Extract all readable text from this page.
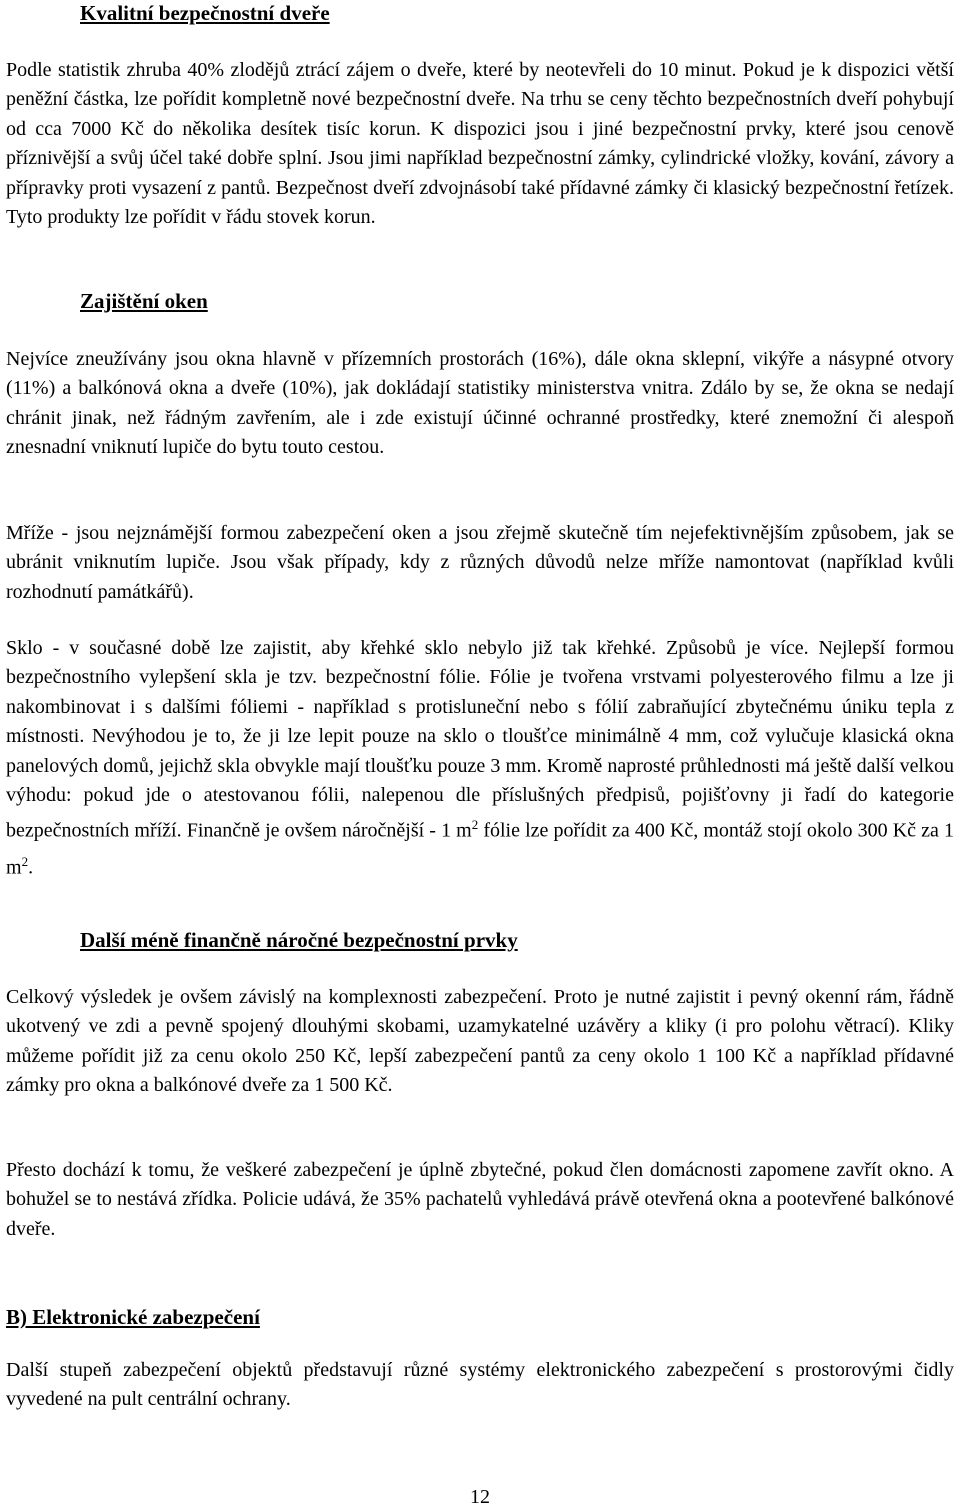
Kvalitní bezpečnostní dveře

Podle statistik zhruba 40% zlodějů ztrácí zájem o dveře, které by neotevřeli do 10 minut. Pokud je k dispozici větší peněžní částka, lze pořídit kompletně nové bezpečnostní dveře. Na trhu se ceny těchto bezpečnostních dveří pohybují od cca 7000 Kč do několika desítek tisíc korun. K dispozici jsou i jiné bezpečnostní prvky, které jsou cenově příznivější a svůj účel také dobře splní. Jsou jimi například bezpečnostní zámky, cylindrické vložky, kování, závory a přípravky proti vysazení z pantů. Bezpečnost dveří zdvojnásobí také přídavné zámky či klasický bezpečnostní řetízek. Tyto produkty lze pořídit v řádu stovek korun.

Zajištění oken

Nejvíce zneužívány jsou okna hlavně v přízemních prostorách (16%), dále okna sklepní, vikýře a násypné otvory (11%) a balkónová okna a dveře (10%), jak dokládají statistiky ministerstva vnitra. Zdálo by se, že okna se nedají chránit jinak, než řádným zavřením, ale i zde existují účinné ochranné prostředky, které znemožní či alespoň znesnadní vniknutí lupiče do bytu touto cestou.

Mříže - jsou nejznámější formou zabezpečení oken a jsou zřejmě skutečně tím nejefektivnějším způsobem, jak se ubránit vniknutím lupiče. Jsou však případy, kdy z různých důvodů nelze mříže namontovat (například kvůli rozhodnutí památkářů).

Sklo - v současné době lze zajistit, aby křehké sklo nebylo již tak křehké. Způsobů je více. Nejlepší formou bezpečnostního vylepšení skla je tzv. bezpečnostní fólie. Fólie je tvořena vrstvami polyesterového filmu a lze ji nakombinovat i s dalšími fóliemi - například s protislunеční nebo s fólií zabraňující zbytečnému úniku tepla z místnosti. Nevýhodou je to, že ji lze lepit pouze na sklo o tloušťce minimálně 4 mm, což vylučuje klasická okna panelových domů, jejichž skla obvykle mají tloušťku pouze 3 mm. Kromě naprosté průhlednosti má ještě další velkou výhodu: pokud jde o atestovanou fólii, nalepenou dle příslušných předpisů, pojišťovny ji řadí do kategorie bezpečnostních mříží. Finančně je ovšem náročnější - 1 $m^2$ fólie lze pořídit za 400 Kč, montáž stojí okolo 300 Kč za 1 $m^2$.

Další méně finančně náročné bezpečnostní prvky

Celkový výsledek je ovšem závislý na komplexnosti zabezpečení. Proto je nutné zajistit i pevný okenní rám, řádně ukotvený ve zdi a pevně spojený dlouhými skobami, uzamykatelné uzávěry a kliky (i pro polohu větrací). Kliky můžeme pořídit již za cenu okolo 250 Kč, lepší zabezpečení pantů za ceny okolo 1 100 Kč a například přídavné zámky pro okna a balkónové dveře za 1 500 Kč.

Přesto dochází k tomu, že veškeré zabezpečení je úplně zbytečné, pokud člen domácnosti zapomene zavřít okno. A bohužel se to nestává zřídka. Policie udává, že 35% pachatelů vyhledává právě otevřená okna a pootevřené balkónové dveře.

B) Elektronické zabezpečení

Další stupeň zabezpečení objektů představují různé systémy elektronického zabezpečení s prostorovými čidly vyvedené na pult centrální ochrany.

12
